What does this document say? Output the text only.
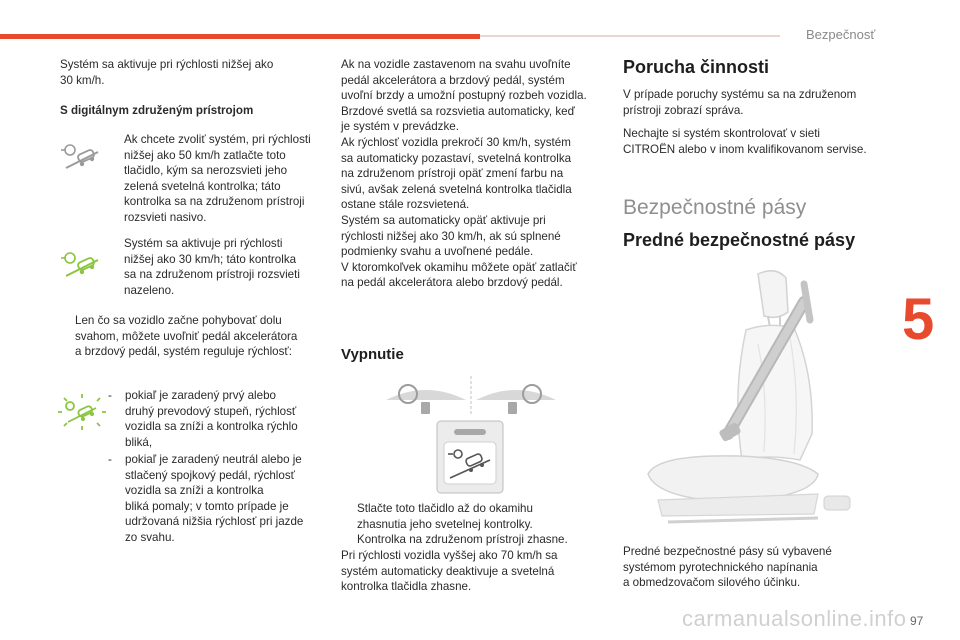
Bezpečnosť
5
97
carmanualsonline.info
Systém sa aktivuje pri rýchlosti nižšej ako
30 km/h.
S digitálnym združeným prístrojom
Ak chcete zvoliť systém, pri rýchlosti
nižšej ako 50 km/h zatlačte toto
tlačidlo, kým sa nerozsvieti jeho
zelená svetelná kontrolka; táto
kontrolka sa na združenom prístroji
rozsvieti nasivo.
Systém sa aktivuje pri rýchlosti
nižšej ako 30 km/h; táto kontrolka
sa na združenom prístroji rozsvieti
nazeleno.
Len čo sa vozidlo začne pohybovať dolu
svahom, môžete uvoľniť pedál akcelerátora
a brzdový pedál, systém reguluje rýchlosť:
- pokiaľ je zaradený prvý alebo
druhý prevodový stupeň, rýchlosť
vozidla sa zníži a kontrolka rýchlo
bliká,
- pokiaľ je zaradený neutrál alebo je
stlačený spojkový pedál, rýchlosť
vozidla sa zníži a kontrolka
bliká pomaly; v tomto prípade je
udržovaná nižšia rýchlosť pri jazde
zo svahu.
Ak na vozidle zastavenom na svahu uvoľníte
pedál akcelerátora a brzdový pedál, systém
uvoľní brzdy a umožní postupný rozbeh vozidla.
Brzdové svetlá sa rozsvietia automaticky, keď
je systém v prevádzke.
Ak rýchlosť vozidla prekročí 30 km/h, systém
sa automaticky pozastaví, svetelná kontrolka
na združenom prístroji opäť zmení farbu na
sivú, avšak zelená svetelná kontrolka tlačidla
ostane stále rozsvietená.
Systém sa automaticky opäť aktivuje pri
rýchlosti nižšej ako 30 km/h, ak sú splnené
podmienky svahu a uvoľnené pedále.
V ktoromkoľvek okamihu môžete opäť zatlačiť
na pedál akcelerátora alebo brzdový pedál.
Vypnutie
Stlačte toto tlačidlo až do okamihu
zhasnutia jeho svetelnej kontrolky.
Kontrolka na združenom prístroji zhasne.
Pri rýchlosti vozidla vyššej ako 70 km/h sa
systém automaticky deaktivuje a svetelná
kontrolka tlačidla zhasne.
Porucha činnosti
V prípade poruchy systému sa na združenom
prístroji zobrazí správa.
Nechajte si systém skontrolovať v sieti
CITROËN alebo v inom kvalifikovanom servise.
Bezpečnostné pásy
Predné bezpečnostné pásy
Predné bezpečnostné pásy sú vybavené
systémom pyrotechnického napínania
a obmedzovačom silového účinku.
